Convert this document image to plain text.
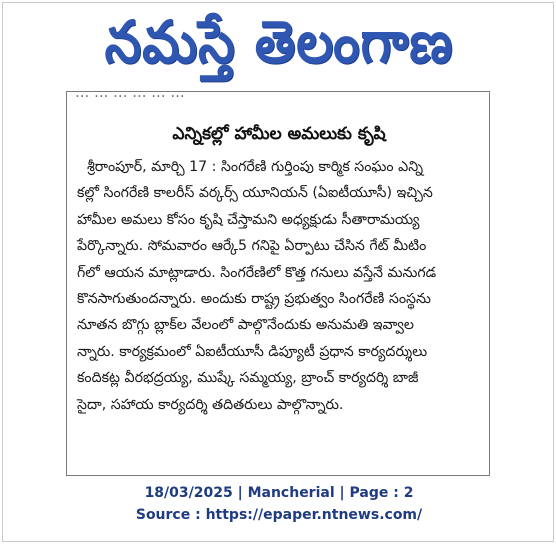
నమస్తే తెలంగాణ
... ... ... ... ... ...
ఎన్నికల్లో హామీల అమలుకు కృషి
శ్రీరాంపూర్, మార్చి 17 : సింగరేణి గుర్తింపు కార్మిక సంఘం ఎన్ని
కల్లో సింగరేణి కాలరీస్ వర్కర్స్ యూనియన్ (ఏఐటీయూసీ) ఇచ్చిన
హామీల అమలు కోసం కృషి చేస్తామని అధ్యక్షుడు సీతారామయ్య
పేర్కొన్నారు. సోమవారం ఆర్కే5 గనిపై ఏర్పాటు చేసిన గేట్ మీటిం
గ్‌లో ఆయన మాట్లాడారు. సింగరేణిలో కొత్త గనులు వస్తేనే మనుగడ
కొనసాగుతుందన్నారు. అందుకు రాష్ట్ర ప్రభుత్వం సింగరేణి సంస్థను
నూతన బొగ్గు బ్లాక్‌ల వేలంలో పాల్గొనేందుకు అనుమతి ఇవ్వాల
న్నారు. కార్యక్రమంలో ఏఐటీయూసీ డిప్యూటీ ప్రధాన కార్యదర్శులు
కందికట్ల వీరభద్రయ్య, ముష్కే సమ్మయ్య, బ్రాంచ్ కార్యదర్శి బాజీ
సైదా, సహాయ కార్యదర్శి తదితరులు పాల్గొన్నారు.
18/03/2025 | Mancherial | Page : 2
Source : https://epaper.ntnews.com/
